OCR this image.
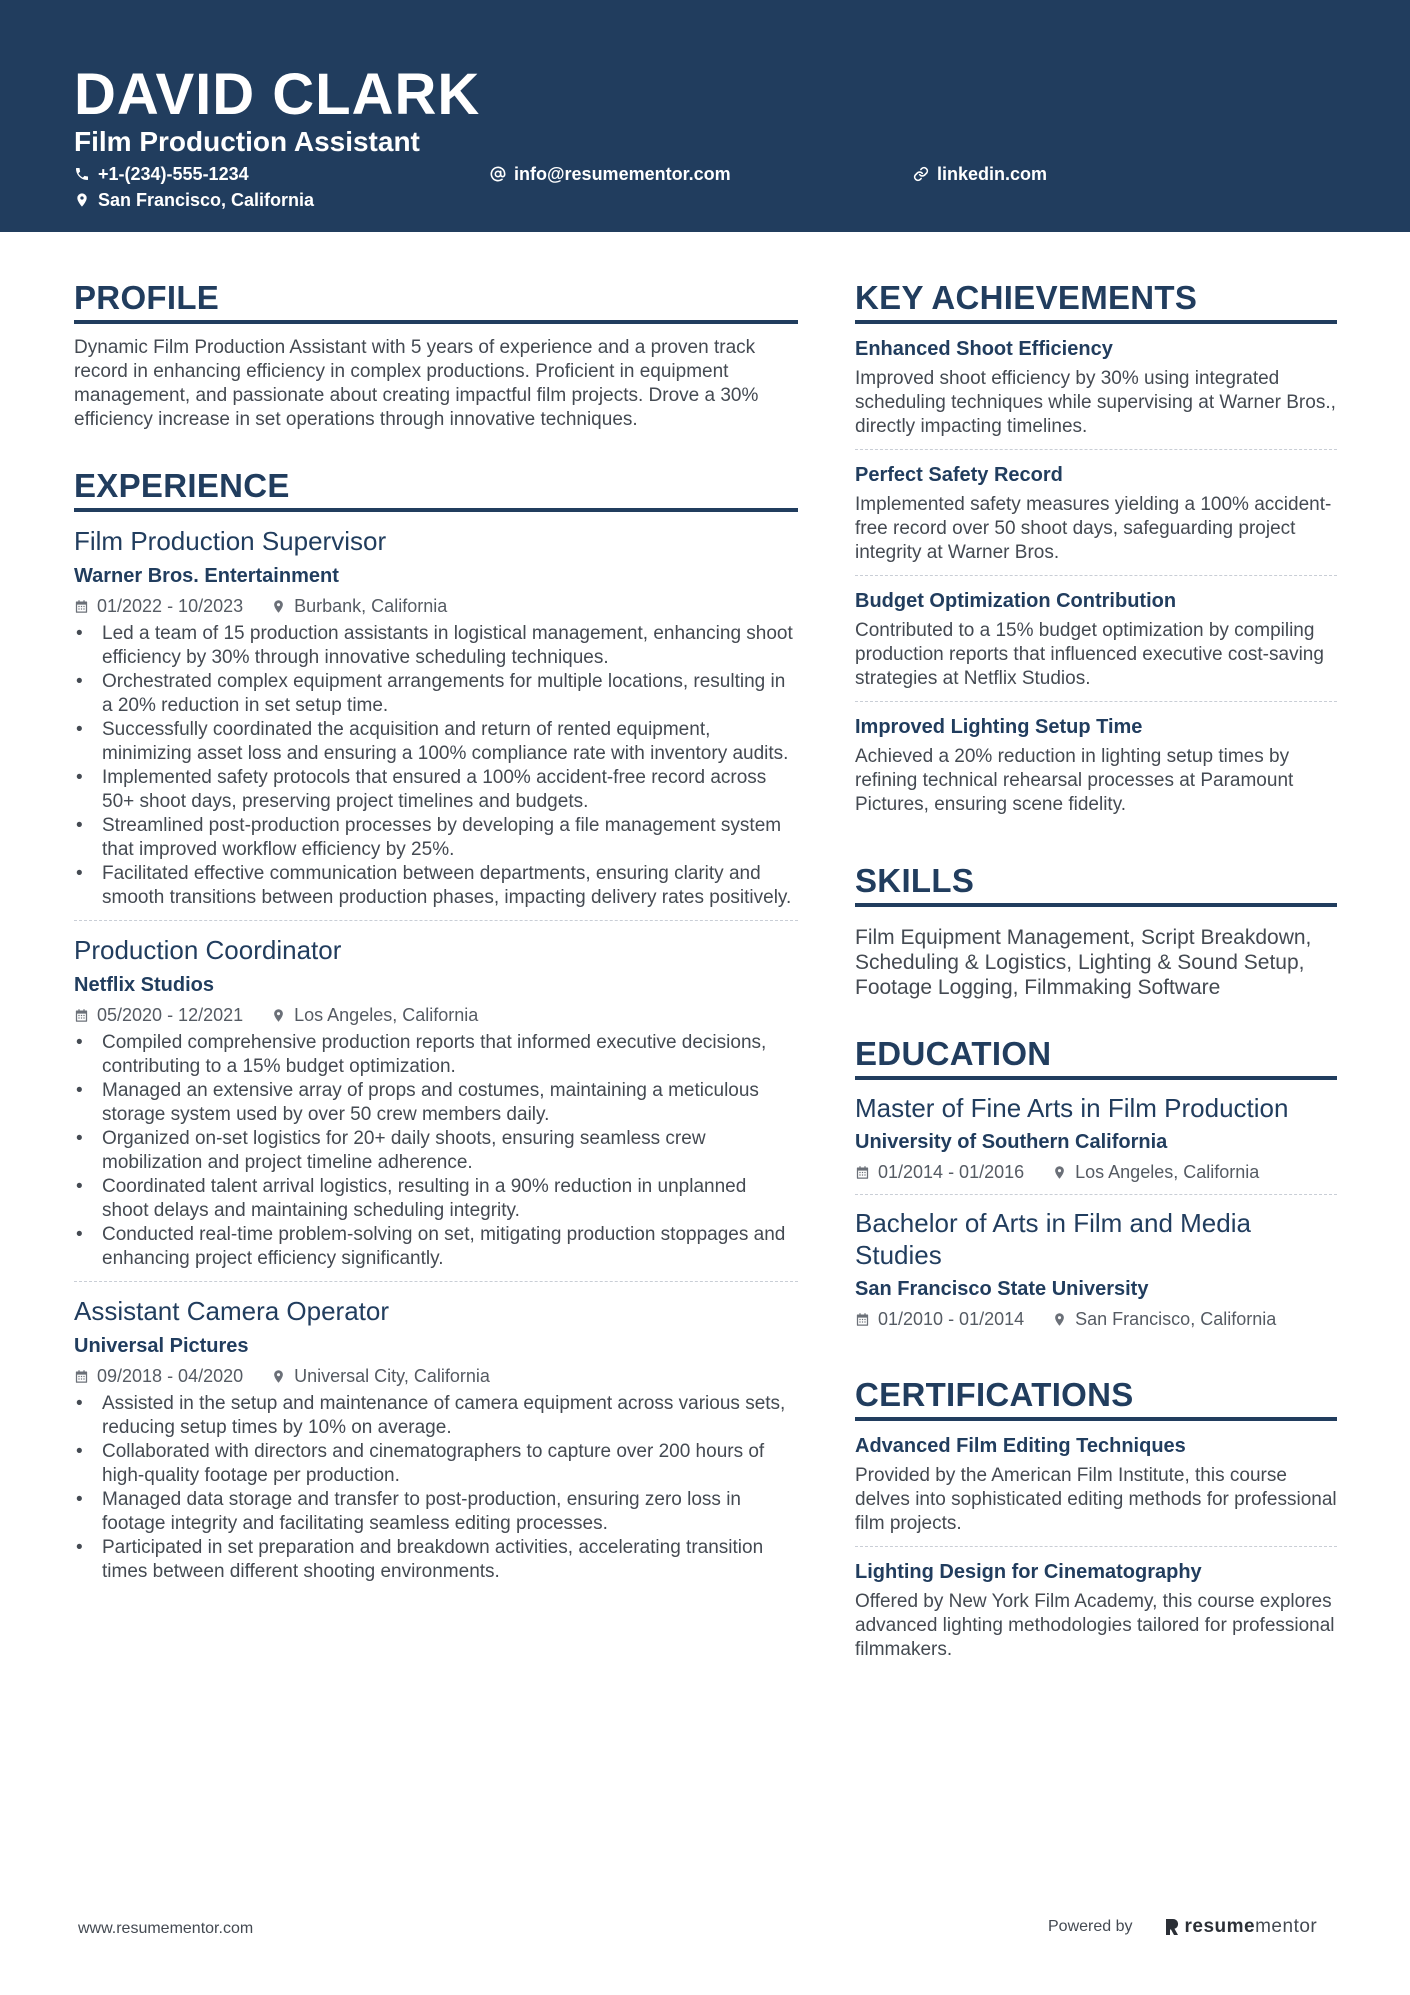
DAVID CLARK
Film Production Assistant
+1-(234)-555-1234	info@resumementor.com	linkedin.com
San Francisco, California
PROFILE
Dynamic Film Production Assistant with 5 years of experience and a proven track record in enhancing efficiency in complex productions. Proficient in equipment management, and passionate about creating impactful film projects. Drove a 30% efficiency increase in set operations through innovative techniques.
EXPERIENCE
Film Production Supervisor
Warner Bros. Entertainment
01/2022 - 10/2023	Burbank, California
• Led a team of 15 production assistants in logistical management, enhancing shoot efficiency by 30% through innovative scheduling techniques.
• Orchestrated complex equipment arrangements for multiple locations, resulting in a 20% reduction in set setup time.
• Successfully coordinated the acquisition and return of rented equipment, minimizing asset loss and ensuring a 100% compliance rate with inventory audits.
• Implemented safety protocols that ensured a 100% accident-free record across 50+ shoot days, preserving project timelines and budgets.
• Streamlined post-production processes by developing a file management system that improved workflow efficiency by 25%.
• Facilitated effective communication between departments, ensuring clarity and smooth transitions between production phases, impacting delivery rates positively.
Production Coordinator
Netflix Studios
05/2020 - 12/2021	Los Angeles, California
• Compiled comprehensive production reports that informed executive decisions, contributing to a 15% budget optimization.
• Managed an extensive array of props and costumes, maintaining a meticulous storage system used by over 50 crew members daily.
• Organized on-set logistics for 20+ daily shoots, ensuring seamless crew mobilization and project timeline adherence.
• Coordinated talent arrival logistics, resulting in a 90% reduction in unplanned shoot delays and maintaining scheduling integrity.
• Conducted real-time problem-solving on set, mitigating production stoppages and enhancing project efficiency significantly.
Assistant Camera Operator
Universal Pictures
09/2018 - 04/2020	Universal City, California
• Assisted in the setup and maintenance of camera equipment across various sets, reducing setup times by 10% on average.
• Collaborated with directors and cinematographers to capture over 200 hours of high-quality footage per production.
• Managed data storage and transfer to post-production, ensuring zero loss in footage integrity and facilitating seamless editing processes.
• Participated in set preparation and breakdown activities, accelerating transition times between different shooting environments.
KEY ACHIEVEMENTS
Enhanced Shoot Efficiency
Improved shoot efficiency by 30% using integrated scheduling techniques while supervising at Warner Bros., directly impacting timelines.
Perfect Safety Record
Implemented safety measures yielding a 100% accident-free record over 50 shoot days, safeguarding project integrity at Warner Bros.
Budget Optimization Contribution
Contributed to a 15% budget optimization by compiling production reports that influenced executive cost-saving strategies at Netflix Studios.
Improved Lighting Setup Time
Achieved a 20% reduction in lighting setup times by refining technical rehearsal processes at Paramount Pictures, ensuring scene fidelity.
SKILLS
Film Equipment Management, Script Breakdown, Scheduling & Logistics, Lighting & Sound Setup, Footage Logging, Filmmaking Software
EDUCATION
Master of Fine Arts in Film Production
University of Southern California
01/2014 - 01/2016	Los Angeles, California
Bachelor of Arts in Film and Media Studies
San Francisco State University
01/2010 - 01/2014	San Francisco, California
CERTIFICATIONS
Advanced Film Editing Techniques
Provided by the American Film Institute, this course delves into sophisticated editing methods for professional film projects.
Lighting Design for Cinematography
Offered by New York Film Academy, this course explores advanced lighting methodologies tailored for professional filmmakers.
www.resumementor.com	Powered by	resumementor
